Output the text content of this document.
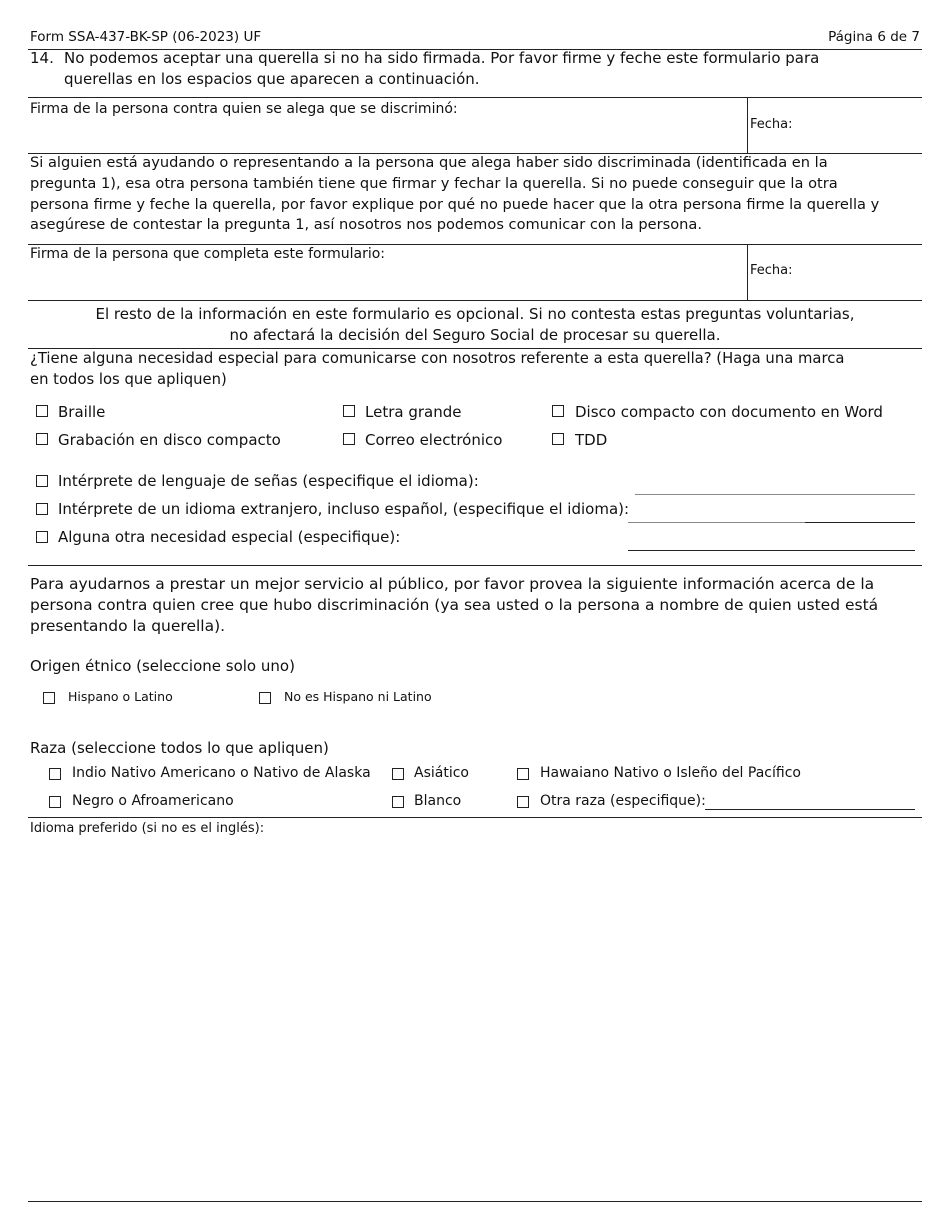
Form SSA-437-BK-SP (06-2023) UF	Página 6 de 7
14. No podemos aceptar una querella si no ha sido firmada. Por favor firme y feche este formulario para
querellas en los espacios que aparecen a continuación.
Firma de la persona contra quien se alega que se discriminó:
Fecha:
Si alguien está ayudando o representando a la persona que alega haber sido discriminada (identificada en la
pregunta 1), esa otra persona también tiene que firmar y fechar la querella. Si no puede conseguir que la otra
persona firme y feche la querella, por favor explique por qué no puede hacer que la otra persona firme la querella y
asegúrese de contestar la pregunta 1, así nosotros nos podemos comunicar con la persona.
Firma de la persona que completa este formulario:
Fecha:
El resto de la información en este formulario es opcional. Si no contesta estas preguntas voluntarias,
no afectará la decisión del Seguro Social de procesar su querella.
¿Tiene alguna necesidad especial para comunicarse con nosotros referente a esta querella? (Haga una marca
en todos los que apliquen)
Braille	Letra grande	Disco compacto con documento en Word
Grabación en disco compacto	Correo electrónico	TDD
Intérprete de lenguaje de señas (especifique el idioma):
Intérprete de un idioma extranjero, incluso español, (especifique el idioma):
Alguna otra necesidad especial (especifique):
Para ayudarnos a prestar un mejor servicio al público, por favor provea la siguiente información acerca de la
persona contra quien cree que hubo discriminación (ya sea usted o la persona a nombre de quien usted está
presentando la querella).
Origen étnico (seleccione solo uno)
Hispano o Latino	No es Hispano ni Latino
Raza (seleccione todos lo que apliquen)
Indio Nativo Americano o Nativo de Alaska	Asiático	Hawaiano Nativo o Isleño del Pacífico
Negro o Afroamericano	Blanco	Otra raza (especifique):
Idioma preferido (si no es el inglés):
